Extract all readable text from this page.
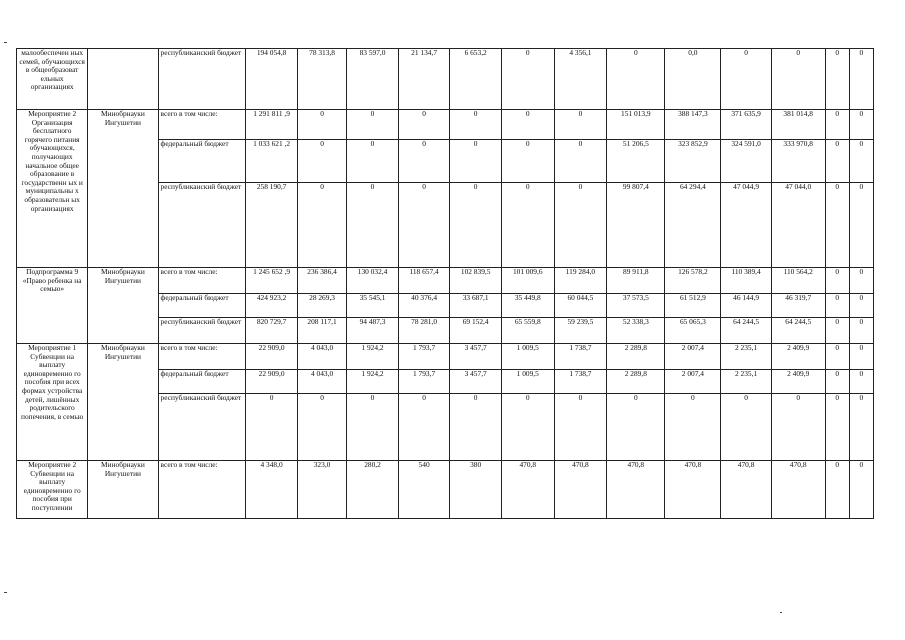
малообеспечен ных семей, обучающихся в общеобразоват ельных организациях		республиканский бюджет	194 054,8	78 313,8	83 597,0	21 134,7	6 653,2	0	4 356,1	0	0,0	0	0	0	0
Мероприятие 2 Организация бесплатного горячего питания обучающихся, получающих начальное общее образование в государственн ых и муниципальны х образовательн ых организациях	Минобрнауки Ингушетии	всего в том числе:	1 291 811 ,9	0	0	0	0	0	0	151 013,9	388 147,3	371 635,9	381 014,8	0	0
		федеральный бюджет	1 033 621 ,2	0	0	0	0	0	0	51 206,5	323 852,9	324 591,0	333 970,8	0	0
		республиканский бюджет	258 190,7	0	0	0	0	0	0	99 807,4	64 294,4	47 044,9	47 044,0	0	0
Подпрограмма 9 «Право ребенка на семью»	Минобрнауки Ингушетии	всего в том числе:	1 245 652 ,9	236 386,4	130 032,4	118 657,4	102 839,5	101 009,6	119 284,0	89 911,8	126 578,2	110 389,4	110 564,2	0	0
		федеральный бюджет	424 923,2	28 269,3	35 545,1	40 376,4	33 687,1	35 449,8	60 044,5	37 573,5	61 512,9	46 144,9	46 319,7	0	0
		республиканский бюджет	820 729,7	208 117,1	94 487,3	78 281,0	69 152,4	65 559,8	59 239,5	52 338,3	65 065,3	64 244,5	64 244,5	0	0
Мероприятие 1 Субвенции на выплату единовременно го пособия при всех формах устройства детей, лишённых родительского попечения, в семью	Минобрнауки Ингушетии	всего в том числе:	22 909,0	4 043,0	1 924,2	1 793,7	3 457,7	1 009,5	1 738,7	2 289,8	2 007,4	2 235,1	2 409,9	0	0
		федеральный бюджет	22 909,0	4 043,0	1 924,2	1 793,7	3 457,7	1 009,5	1 738,7	2 289,8	2 007,4	2 235,1	2 409,9	0	0
		республиканский бюджет	0	0	0	0	0	0	0	0	0	0	0	0	0
Мероприятие 2 Субвенции на выплату единовременно го пособия при поступлении	Минобрнауки Ингушетии	всего в том числе:	4 348,0	323,0	280,2	540	380	470,8	470,8	470,8	470,8	470,8	470,8	0	0
